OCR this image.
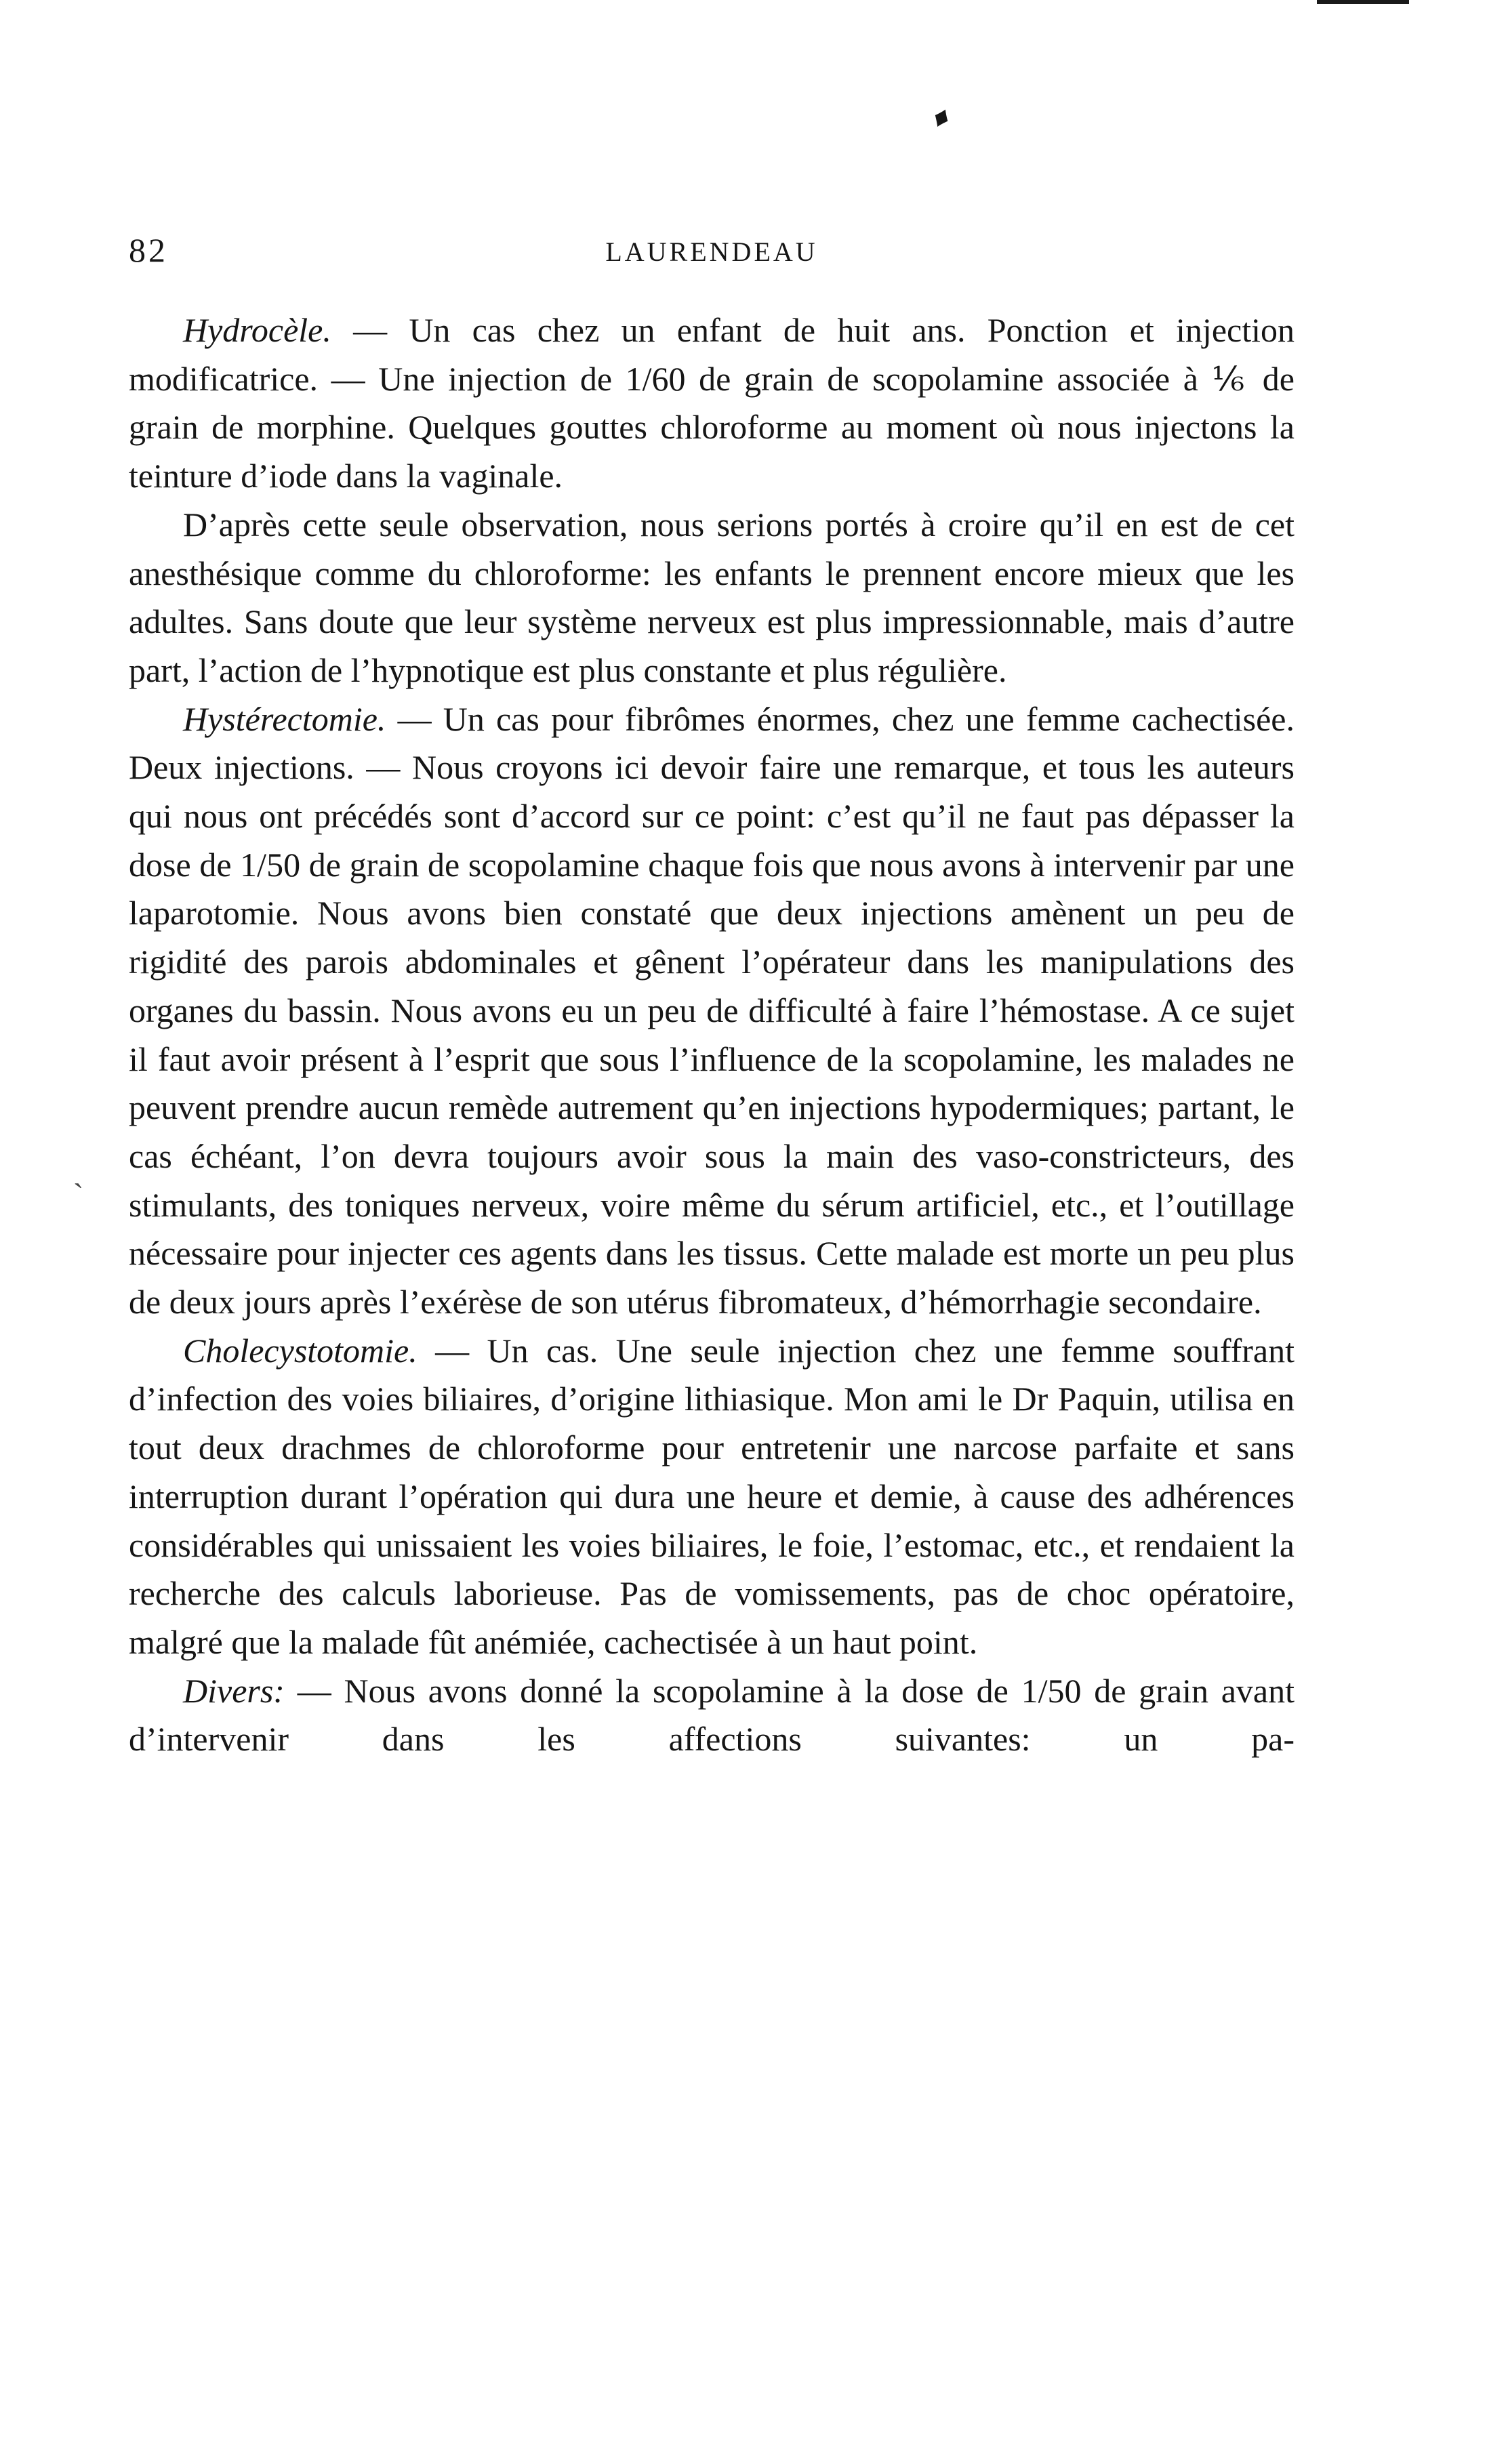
♦
`
82	LAURENDEAU

Hydrocèle. — Un cas chez un enfant de huit ans. Ponction et injection modificatrice. — Une injection de 1/60 de grain de scopolamine associée à ⅙ de grain de morphine. Quelques gouttes chloroforme au moment où nous injectons la teinture d’iode dans la vaginale.

D’après cette seule observation, nous serions portés à croire qu’il en est de cet anesthésique comme du chloroforme: les enfants le prennent encore mieux que les adultes. Sans doute que leur système nerveux est plus impressionnable, mais d’autre part, l’action de l’hypnotique est plus constante et plus régulière.

Hystérectomie. — Un cas pour fibrômes énormes, chez une femme cachectisée. Deux injections. — Nous croyons ici devoir faire une remarque, et tous les auteurs qui nous ont précédés sont d’accord sur ce point: c’est qu’il ne faut pas dépasser la dose de 1/50 de grain de scopolamine chaque fois que nous avons à intervenir par une laparotomie. Nous avons bien constaté que deux injections amènent un peu de rigidité des parois abdominales et gênent l’opérateur dans les manipulations des organes du bassin. Nous avons eu un peu de difficulté à faire l’hémostase. A ce sujet il faut avoir présent à l’esprit que sous l’influence de la scopolamine, les malades ne peuvent prendre aucun remède autrement qu’en injections hypodermiques; partant, le cas échéant, l’on devra toujours avoir sous la main des vaso-constricteurs, des stimulants, des toniques nerveux, voire même du sérum artificiel, etc., et l’outillage nécessaire pour injecter ces agents dans les tissus. Cette malade est morte un peu plus de deux jours après l’exérèse de son utérus fibromateux, d’hémorrhagie secondaire.

Cholecystotomie. — Un cas. Une seule injection chez une femme souffrant d’infection des voies biliaires, d’origine lithiasique. Mon ami le Dr Paquin, utilisa en tout deux drachmes de chloroforme pour entretenir une narcose parfaite et sans interruption durant l’opération qui dura une heure et demie, à cause des adhérences considérables qui unissaient les voies biliaires, le foie, l’estomac, etc., et rendaient la recherche des calculs laborieuse. Pas de vomissements, pas de choc opératoire, malgré que la malade fût anémiée, cachectisée à un haut point.

Divers: — Nous avons donné la scopolamine à la dose de 1/50 de grain avant d’intervenir dans les affections suivantes: un pa-
